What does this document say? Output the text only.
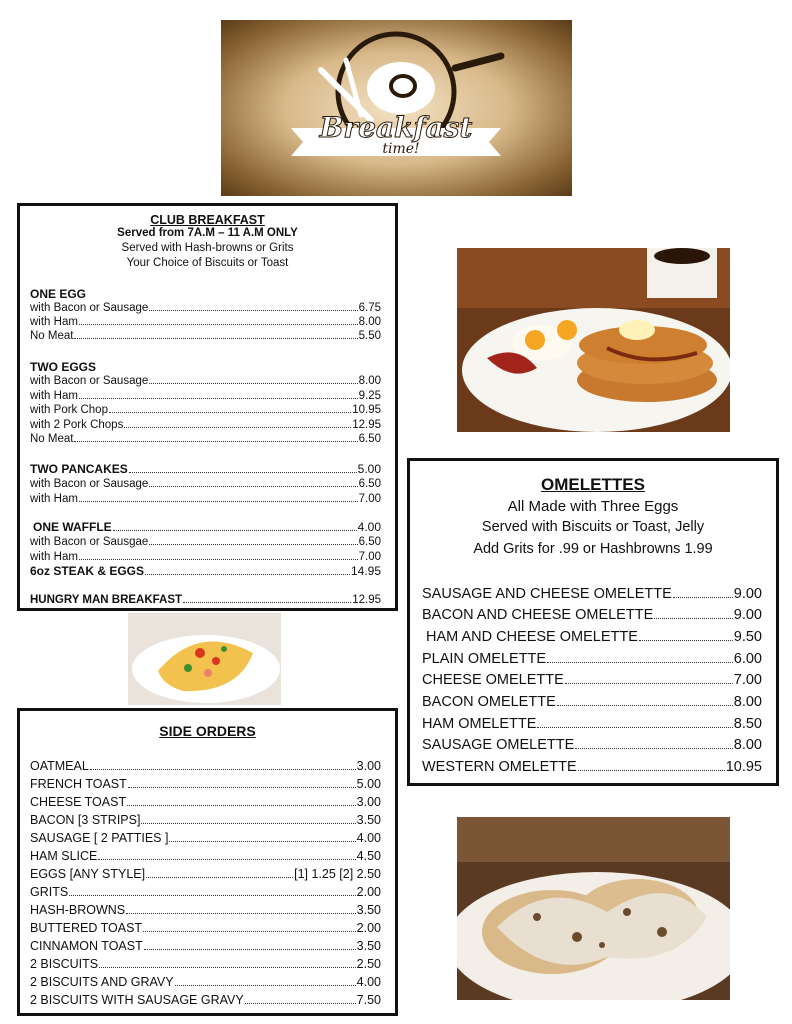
Breakfast
time!
CLUB BREAKFAST
Served from 7A.M – 11 A.M ONLY
Served with Hash-browns or Grits
Your Choice of Biscuits or Toast
ONE EGG
with Bacon or Sausage	6.75
with Ham	8.00
No Meat	5.50
TWO EGGS
with Bacon or Sausage	8.00
with Ham	9.25
with Pork Chop	10.95
with 2 Pork Chops	12.95
No Meat	6.50
TWO PANCAKES	5.00
with Bacon or Sausage	6.50
with Ham	7.00
ONE WAFFLE	4.00
with Bacon or Sausgae	6.50
with Ham	7.00
6oz STEAK & EGGS	14.95
HUNGRY MAN BREAKFAST	12.95
OMELETTES
All Made with Three Eggs
Served with Biscuits or Toast, Jelly
Add Grits for .99 or Hashbrowns 1.99
SAUSAGE AND CHEESE OMELETTE	9.00
BACON AND CHEESE OMELETTE	9.00
HAM AND CHEESE OMELETTE	9.50
PLAIN OMELETTE	6.00
CHEESE OMELETTE	7.00
BACON OMELETTE	8.00
HAM OMELETTE	8.50
SAUSAGE OMELETTE	8.00
WESTERN OMELETTE	10.95
SIDE ORDERS
OATMEAL	3.00
FRENCH TOAST	5.00
CHEESE TOAST	3.00
BACON [3 STRIPS]	3.50
SAUSAGE [ 2 PATTIES ]	4.00
HAM SLICE	4.50
EGGS [ANY STYLE]	[1] 1.25 [2] 2.50
GRITS	2.00
HASH-BROWNS	3.50
BUTTERED TOAST	2.00
CINNAMON TOAST	3.50
2 BISCUITS	2.50
2 BISCUITS AND GRAVY	4.00
2 BISCUITS WITH SAUSAGE GRAVY	7.50
